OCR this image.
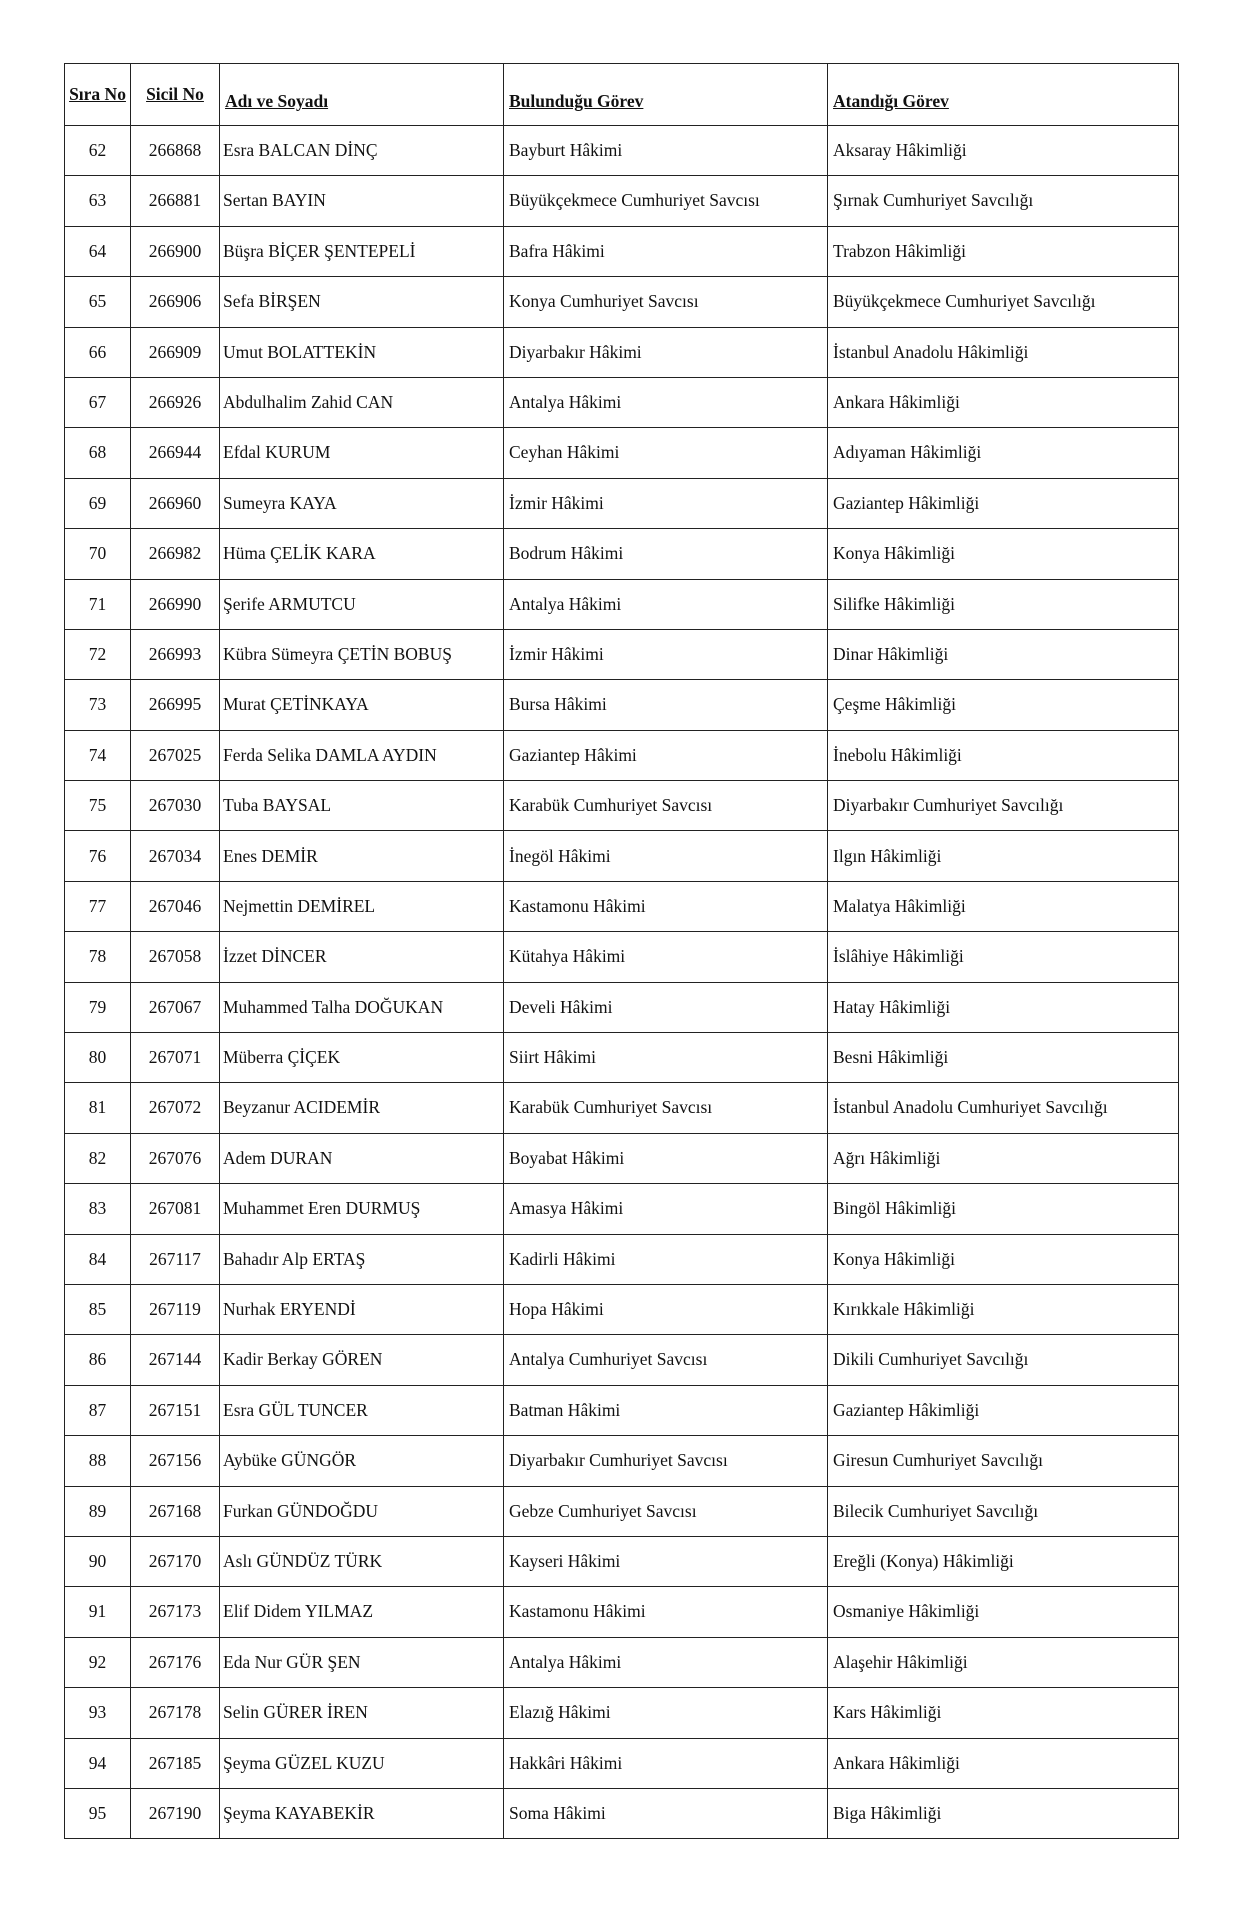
Sıra No	Sicil No	Adı ve Soyadı	Bulunduğu Görev	Atandığı Görev
62	266868	Esra BALCAN DİNÇ	Bayburt Hâkimi	Aksaray Hâkimliği
63	266881	Sertan BAYIN	Büyükçekmece Cumhuriyet Savcısı	Şırnak Cumhuriyet Savcılığı
64	266900	Büşra BİÇER ŞENTEPELİ	Bafra Hâkimi	Trabzon Hâkimliği
65	266906	Sefa BİRŞEN	Konya Cumhuriyet Savcısı	Büyükçekmece Cumhuriyet Savcılığı
66	266909	Umut BOLATTEKİN	Diyarbakır Hâkimi	İstanbul Anadolu Hâkimliği
67	266926	Abdulhalim Zahid CAN	Antalya Hâkimi	Ankara Hâkimliği
68	266944	Efdal KURUM	Ceyhan Hâkimi	Adıyaman Hâkimliği
69	266960	Sumeyra KAYA	İzmir Hâkimi	Gaziantep Hâkimliği
70	266982	Hüma ÇELİK KARA	Bodrum Hâkimi	Konya Hâkimliği
71	266990	Şerife ARMUTCU	Antalya Hâkimi	Silifke Hâkimliği
72	266993	Kübra Sümeyra ÇETİN BOBUŞ	İzmir Hâkimi	Dinar Hâkimliği
73	266995	Murat ÇETİNKAYA	Bursa Hâkimi	Çeşme Hâkimliği
74	267025	Ferda Selika DAMLA AYDIN	Gaziantep Hâkimi	İnebolu Hâkimliği
75	267030	Tuba BAYSAL	Karabük Cumhuriyet Savcısı	Diyarbakır Cumhuriyet Savcılığı
76	267034	Enes DEMİR	İnegöl Hâkimi	Ilgın Hâkimliği
77	267046	Nejmettin DEMİREL	Kastamonu Hâkimi	Malatya Hâkimliği
78	267058	İzzet DİNCER	Kütahya Hâkimi	İslâhiye Hâkimliği
79	267067	Muhammed Talha DOĞUKAN	Develi Hâkimi	Hatay Hâkimliği
80	267071	Müberra ÇİÇEK	Siirt Hâkimi	Besni Hâkimliği
81	267072	Beyzanur ACIDEMİR	Karabük Cumhuriyet Savcısı	İstanbul Anadolu Cumhuriyet Savcılığı
82	267076	Adem DURAN	Boyabat Hâkimi	Ağrı Hâkimliği
83	267081	Muhammet Eren DURMUŞ	Amasya Hâkimi	Bingöl Hâkimliği
84	267117	Bahadır Alp ERTAŞ	Kadirli Hâkimi	Konya Hâkimliği
85	267119	Nurhak ERYENDİ	Hopa Hâkimi	Kırıkkale Hâkimliği
86	267144	Kadir Berkay GÖREN	Antalya Cumhuriyet Savcısı	Dikili Cumhuriyet Savcılığı
87	267151	Esra GÜL TUNCER	Batman Hâkimi	Gaziantep Hâkimliği
88	267156	Aybüke GÜNGÖR	Diyarbakır Cumhuriyet Savcısı	Giresun Cumhuriyet Savcılığı
89	267168	Furkan GÜNDOĞDU	Gebze Cumhuriyet Savcısı	Bilecik Cumhuriyet Savcılığı
90	267170	Aslı GÜNDÜZ TÜRK	Kayseri Hâkimi	Ereğli (Konya) Hâkimliği
91	267173	Elif Didem YILMAZ	Kastamonu Hâkimi	Osmaniye Hâkimliği
92	267176	Eda Nur GÜR ŞEN	Antalya Hâkimi	Alaşehir Hâkimliği
93	267178	Selin GÜRER İREN	Elazığ Hâkimi	Kars Hâkimliği
94	267185	Şeyma GÜZEL KUZU	Hakkâri Hâkimi	Ankara Hâkimliği
95	267190	Şeyma KAYABEKİR	Soma Hâkimi	Biga Hâkimliği
